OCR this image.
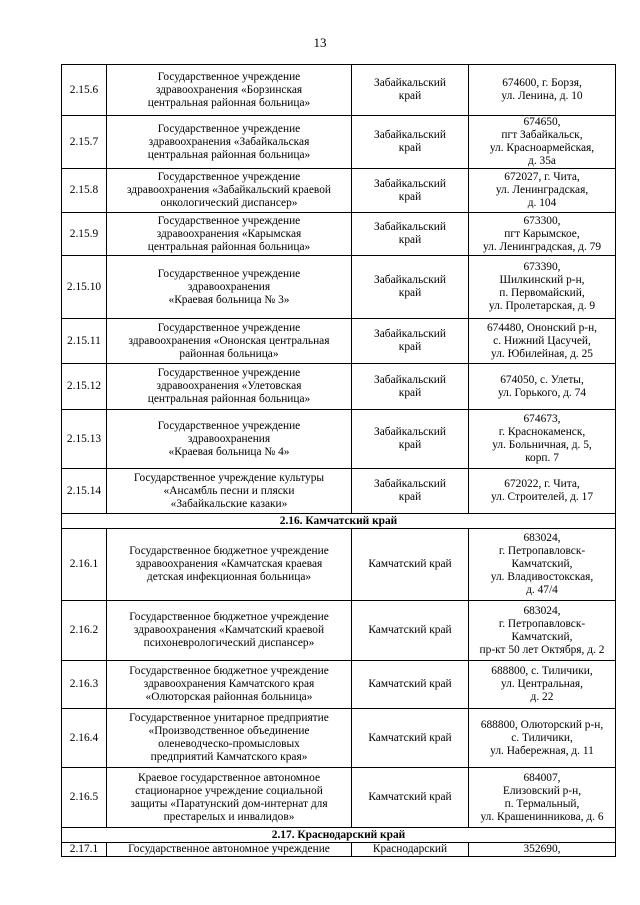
13
2.15.6	Государственное учреждение
здравоохранения «Борзинская
центральная районная больница»	Забайкальский
край	674600, г. Борзя,
ул. Ленина, д. 10
2.15.7	Государственное учреждение
здравоохранения «Забайкальская
центральная районная больница»	Забайкальский
край	674650,
пгт Забайкальск,
ул. Красноармейская,
д. 35а
2.15.8	Государственное учреждение
здравоохранения «Забайкальский краевой
онкологический диспансер»	Забайкальский
край	672027, г. Чита,
ул. Ленинградская,
д. 104
2.15.9	Государственное учреждение
здравоохранения «Карымская
центральная районная больница»	Забайкальский
край	673300,
пгт Карымское,
ул. Ленинградская, д. 79
2.15.10	Государственное учреждение
здравоохранения
«Краевая больница № 3»	Забайкальский
край	673390,
Шилкинский р-н,
п. Первомайский,
ул. Пролетарская, д. 9
2.15.11	Государственное учреждение
здравоохранения «Ононская центральная
районная больница»	Забайкальский
край	674480, Ононский р-н,
с. Нижний Цасучей,
ул. Юбилейная, д. 25
2.15.12	Государственное учреждение
здравоохранения «Улетовская
центральная районная больница»	Забайкальский
край	674050, с. Улеты,
ул. Горького, д. 74
2.15.13	Государственное учреждение
здравоохранения
«Краевая больница № 4»	Забайкальский
край	674673,
г. Краснокаменск,
ул. Больничная, д. 5,
корп. 7
2.15.14	Государственное учреждение культуры
«Ансамбль песни и пляски
«Забайкальские казаки»	Забайкальский
край	672022, г. Чита,
ул. Строителей, д. 17
2.16. Камчатский край			
2.16.1	Государственное бюджетное учреждение
здравоохранения «Камчатская краевая
детская инфекционная больница»	Камчатский край	683024,
г. Петропавловск-
Камчатский,
ул. Владивостокская,
д. 47/4
2.16.2	Государственное бюджетное учреждение
здравоохранения «Камчатский краевой
психоневрологический диспансер»	Камчатский край	683024,
г. Петропавловск-
Камчатский,
пр-кт 50 лет Октября, д. 2
2.16.3	Государственное бюджетное учреждение
здравоохранения Камчатского края
«Олюторская районная больница»	Камчатский край	688800, с. Тиличики,
ул. Центральная,
д. 22
2.16.4	Государственное унитарное предприятие
«Производственное объединение
оленеводческо-промысловых
предприятий Камчатского края»	Камчатский край	688800, Олюторский р-н,
с. Тиличики,
ул. Набережная, д. 11
2.16.5	Краевое государственное автономное
стационарное учреждение социальной
защиты «Паратунский дом-интернат для
престарелых и инвалидов»	Камчатский край	684007,
Елизовский р-н,
п. Термальный,
ул. Крашенинникова, д. 6
2.17. Краснодарский край			
2.17.1	Государственное автономное учреждение	Краснодарский	352690,
